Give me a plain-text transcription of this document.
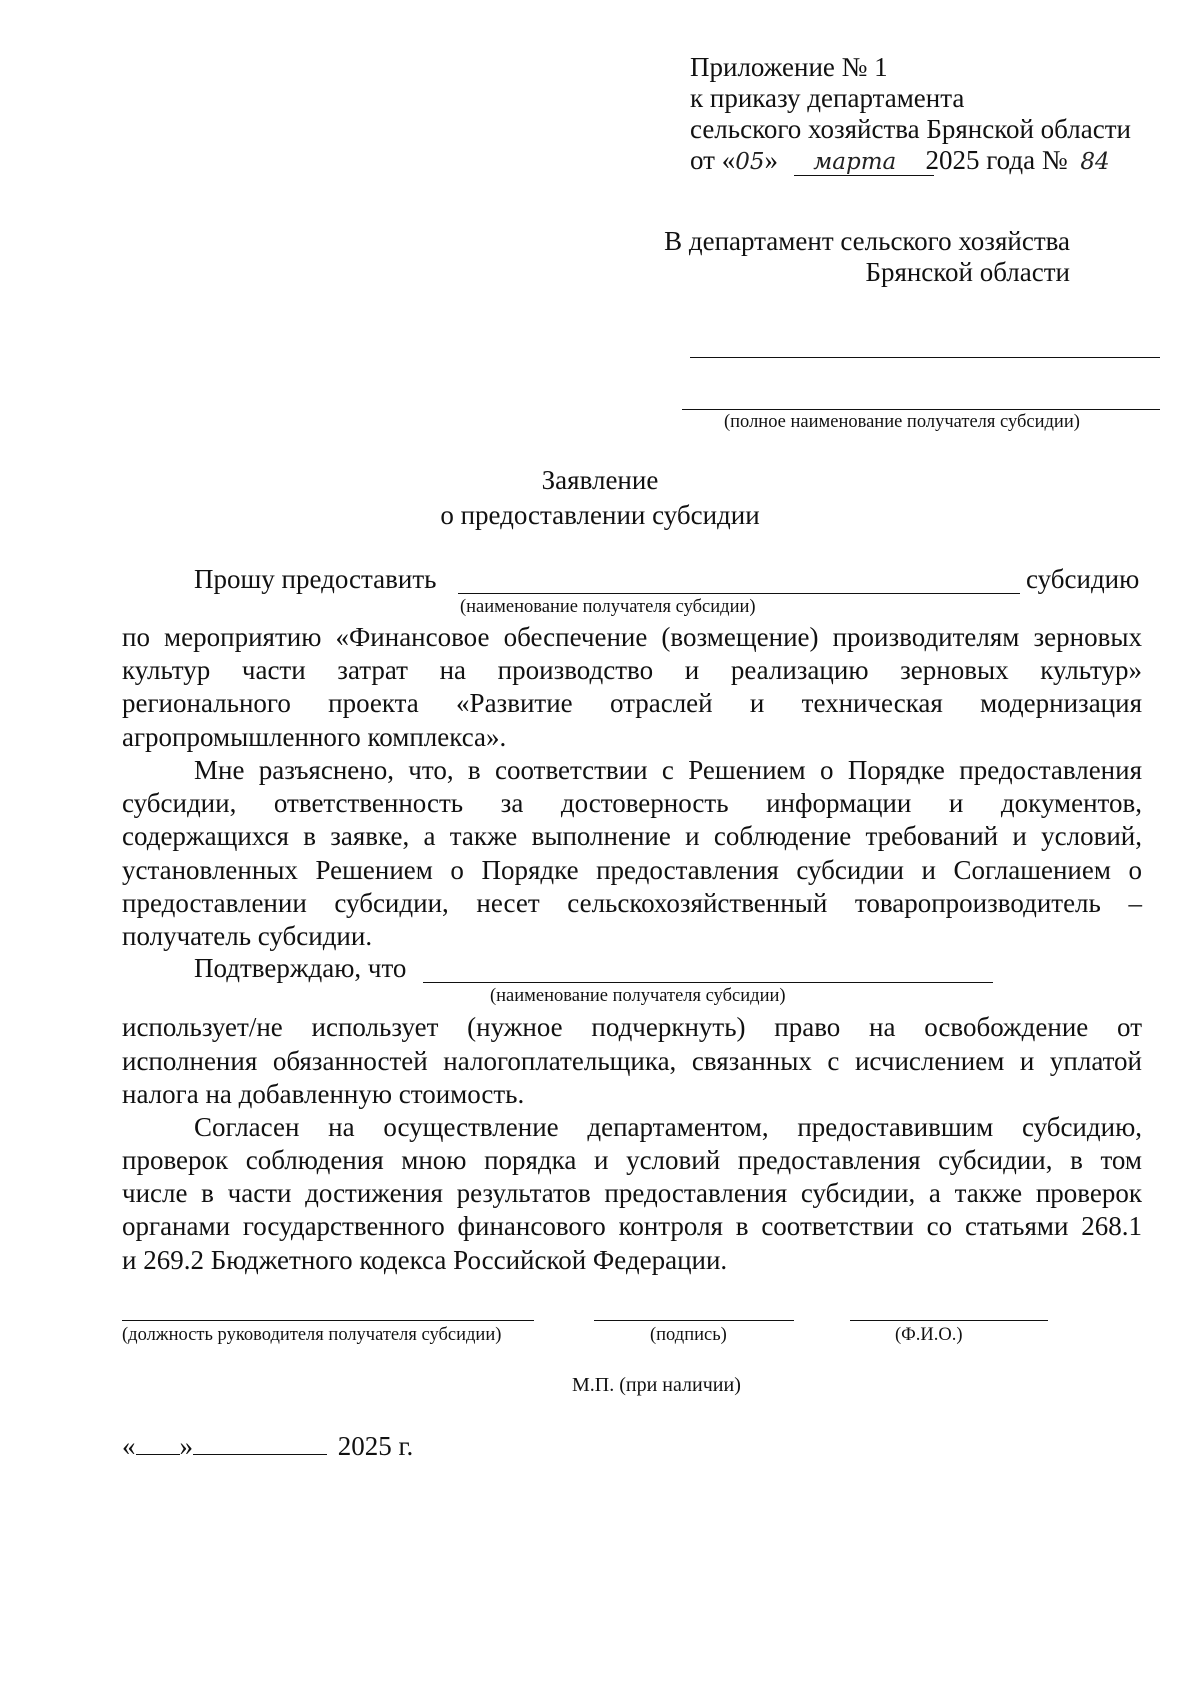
Приложение № 1
к приказу департамента
сельского хозяйства Брянской области
от «05» марта 2025 года № 84
В департамент сельского хозяйства
Брянской области
(полное наименование получателя субсидии)
Заявление
о предоставлении субсидии
Прошу предоставить	субсидию
(наименование получателя субсидии)
по мероприятию «Финансовое обеспечение (возмещение) производителям зерновых
культур части затрат на производство и реализацию зерновых культур»
регионального проекта «Развитие отраслей и техническая модернизация
агропромышленного комплекса».
Мне разъяснено, что, в соответствии с Решением о Порядке предоставления
субсидии, ответственность за достоверность информации и документов,
содержащихся в заявке, а также выполнение и соблюдение требований и условий,
установленных Решением о Порядке предоставления субсидии и Соглашением о
предоставлении субсидии, несет сельскохозяйственный товаропроизводитель –
получатель субсидии.
Подтверждаю, что
(наименование получателя субсидии)
использует/не использует (нужное подчеркнуть) право на освобождение от
исполнения обязанностей налогоплательщика, связанных с исчислением и уплатой
налога на добавленную стоимость.
Согласен на осуществление департаментом, предоставившим субсидию,
проверок соблюдения мною порядка и условий предоставления субсидии, в том
числе в части достижения результатов предоставления субсидии, а также проверок
органами государственного финансового контроля в соответствии со статьями 268.1
и 269.2 Бюджетного кодекса Российской Федерации.
(должность руководителя получателя субсидии)	(подпись)	(Ф.И.О.)
М.П. (при наличии)
« »	2025 г.
